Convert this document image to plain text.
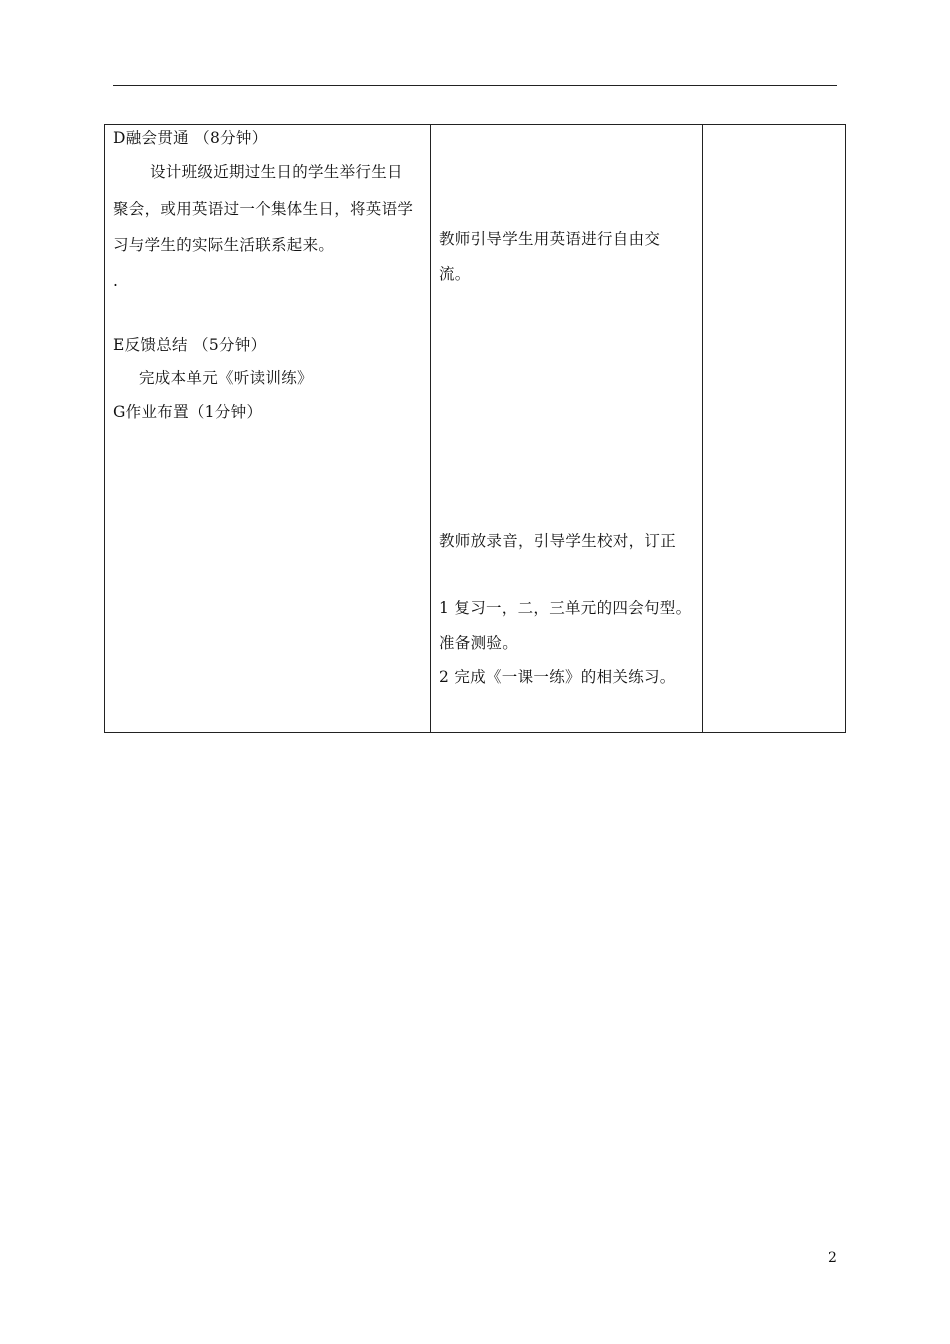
D融会贯通 （8分钟）
设计班级近期过生日的学生举行生日
聚会，或用英语过一个集体生日，将英语学
习与学生的实际生活联系起来。
.
E反馈总结 （5分钟）
完成本单元《听读训练》
G作业布置（1分钟）
教师引导学生用英语进行自由交
流。
教师放录音，引导学生校对，订正
1 复习一，二，三单元的四会句型。
准备测验。
2 完成《一课一练》的相关练习。
2
